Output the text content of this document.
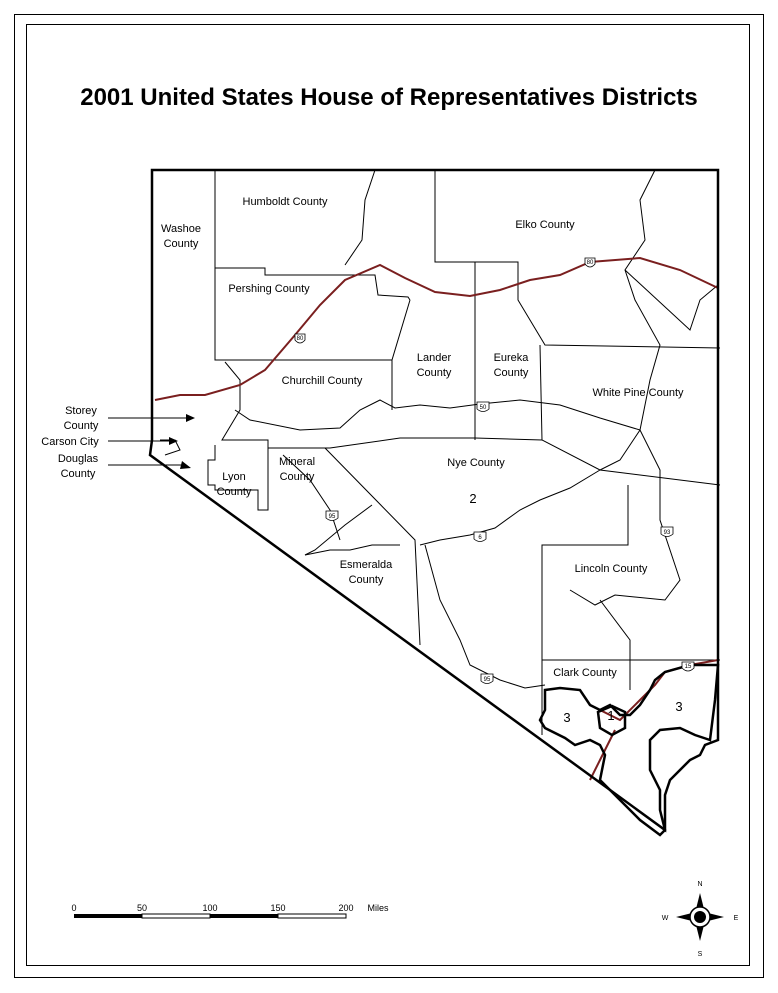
2001 United States House of Representatives Districts
Humboldt County
Washoe
County
Elko County
Pershing County
Lander
County
Eureka
County
Churchill County
White Pine County
Nye County
Mineral
County
Lyon
County
Esmeralda
County
Lincoln County
Clark County
2
3	1
3
Storey
County
Carson City
Douglas
County
80
80
50
6
95
95
93
15
0	50	100	150	200 Miles
N
S
E
W
